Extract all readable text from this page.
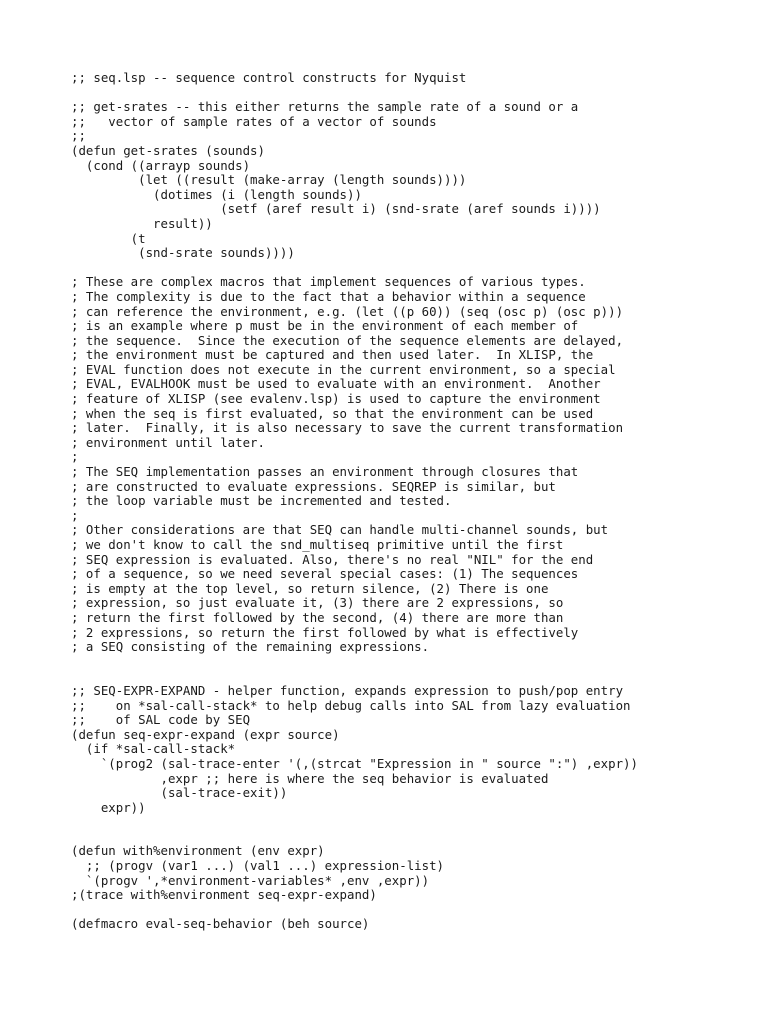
;; seq.lsp -- sequence control constructs for Nyquist
;; get-srates -- this either returns the sample rate of a sound or a
;;   vector of sample rates of a vector of sounds
;;
(defun get-srates (sounds)
(cond ((arrayp sounds)
(let ((result (make-array (length sounds))))
(dotimes (i (length sounds))
(setf (aref result i) (snd-srate (aref sounds i))))
result))
(t
(snd-srate sounds))))
; These are complex macros that implement sequences of various types.
; The complexity is due to the fact that a behavior within a sequence
; can reference the environment, e.g. (let ((p 60)) (seq (osc p) (osc p)))
; is an example where p must be in the environment of each member of
; the sequence.  Since the execution of the sequence elements are delayed,
; the environment must be captured and then used later.  In XLISP, the
; EVAL function does not execute in the current environment, so a special
; EVAL, EVALHOOK must be used to evaluate with an environment.  Another
; feature of XLISP (see evalenv.lsp) is used to capture the environment
; when the seq is first evaluated, so that the environment can be used
; later.  Finally, it is also necessary to save the current transformation
; environment until later.
;
; The SEQ implementation passes an environment through closures that
; are constructed to evaluate expressions. SEQREP is similar, but
; the loop variable must be incremented and tested.
;
; Other considerations are that SEQ can handle multi-channel sounds, but
; we don't know to call the snd_multiseq primitive until the first
; SEQ expression is evaluated. Also, there's no real "NIL" for the end
; of a sequence, so we need several special cases: (1) The sequences
; is empty at the top level, so return silence, (2) There is one
; expression, so just evaluate it, (3) there are 2 expressions, so
; return the first followed by the second, (4) there are more than
; 2 expressions, so return the first followed by what is effectively
; a SEQ consisting of the remaining expressions.
;; SEQ-EXPR-EXPAND - helper function, expands expression to push/pop entry
;;    on *sal-call-stack* to help debug calls into SAL from lazy evaluation
;;    of SAL code by SEQ
(defun seq-expr-expand (expr source)
(if *sal-call-stack*
`(prog2 (sal-trace-enter '(,(strcat "Expression in " source ":") ,expr))
,expr ;; here is where the seq behavior is evaluated
(sal-trace-exit))
expr))
(defun with%environment (env expr)
;; (progv (var1 ...) (val1 ...) expression-list)
`(progv ',*environment-variables* ,env ,expr))
;(trace with%environment seq-expr-expand)
(defmacro eval-seq-behavior (beh source)
